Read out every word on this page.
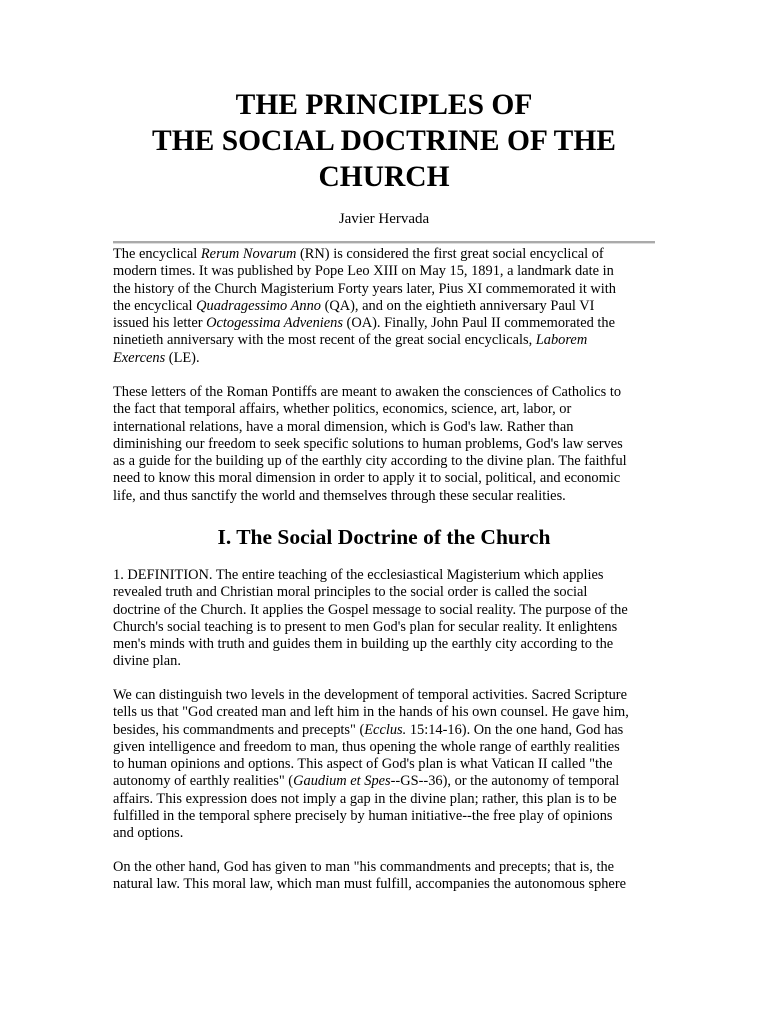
THE PRINCIPLES OF
THE SOCIAL DOCTRINE OF THE
CHURCH
Javier Hervada
The encyclical Rerum Novarum (RN) is considered the first great social encyclical of
modern times. It was published by Pope Leo XIII on May 15, 1891, a landmark date in
the history of the Church Magisterium Forty years later, Pius XI commemorated it with
the encyclical Quadragessimo Anno (QA), and on the eightieth anniversary Paul VI
issued his letter Octogessima Adveniens (OA). Finally, John Paul II commemorated the
ninetieth anniversary with the most recent of the great social encyclicals, Laborem
Exercens (LE).
These letters of the Roman Pontiffs are meant to awaken the consciences of Catholics to
the fact that temporal affairs, whether politics, economics, science, art, labor, or
international relations, have a moral dimension, which is God's law. Rather than
diminishing our freedom to seek specific solutions to human problems, God's law serves
as a guide for the building up of the earthly city according to the divine plan. The faithful
need to know this moral dimension in order to apply it to social, political, and economic
life, and thus sanctify the world and themselves through these secular realities.
I. The Social Doctrine of the Church
1. DEFINITION. The entire teaching of the ecclesiastical Magisterium which applies
revealed truth and Christian moral principles to the social order is called the social
doctrine of the Church. It applies the Gospel message to social reality. The purpose of the
Church's social teaching is to present to men God's plan for secular reality. It enlightens
men's minds with truth and guides them in building up the earthly city according to the
divine plan.
We can distinguish two levels in the development of temporal activities. Sacred Scripture
tells us that "God created man and left him in the hands of his own counsel. He gave him,
besides, his commandments and precepts" (Ecclus. 15:14-16). On the one hand, God has
given intelligence and freedom to man, thus opening the whole range of earthly realities
to human opinions and options. This aspect of God's plan is what Vatican II called "the
autonomy of earthly realities" (Gaudium et Spes--GS--36), or the autonomy of temporal
affairs. This expression does not imply a gap in the divine plan; rather, this plan is to be
fulfilled in the temporal sphere precisely by human initiative--the free play of opinions
and options.
On the other hand, God has given to man "his commandments and precepts; that is, the
natural law. This moral law, which man must fulfill, accompanies the autonomous sphere
